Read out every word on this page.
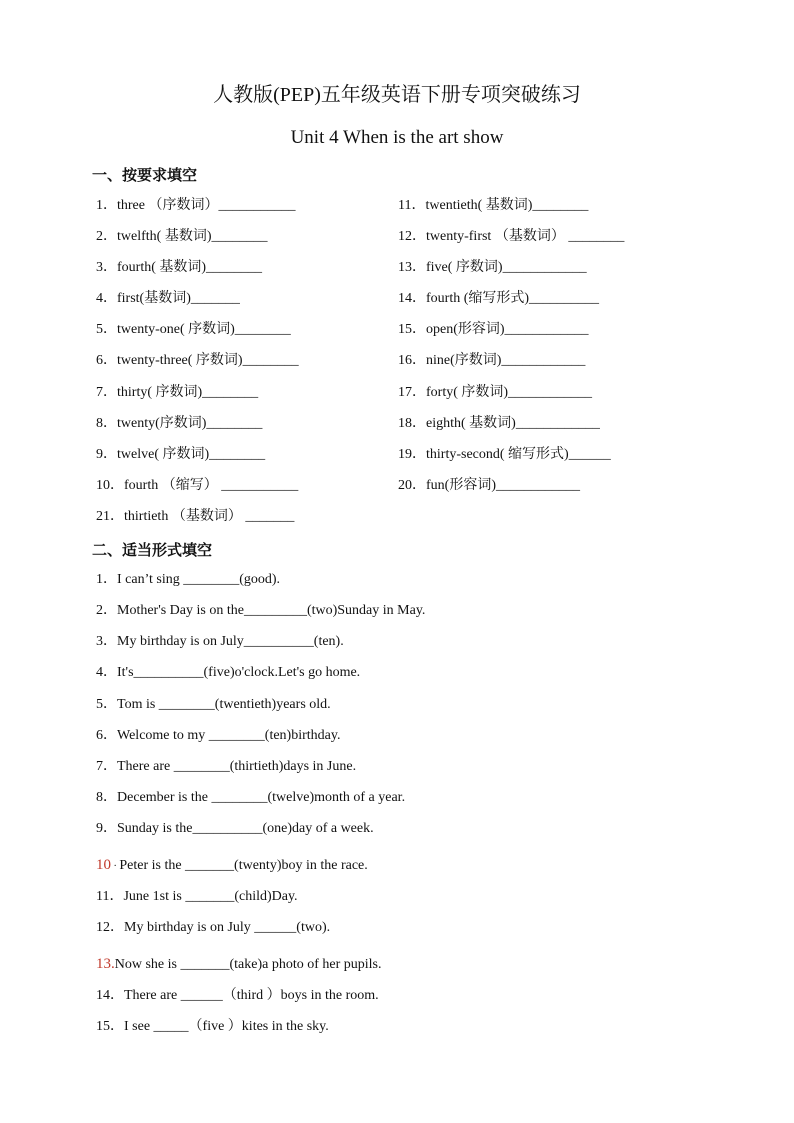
人教版(PEP)五年级英语下册专项突破练习
Unit 4 When is the art show
一、按要求填空
1．three （序数词）___________
2．twelfth( 基数词)________
3．fourth( 基数词)________
4．first(基数词)_______
5．twenty-one( 序数词)________
6．twenty-three( 序数词)________
7．thirty( 序数词)________
8．twenty(序数词)________
9．twelve( 序数词)________
10．fourth （缩写） ___________
21．thirtieth （基数词） _______
11．twentieth( 基数词)________
12．twenty-first （基数词） ________
13．five( 序数词)____________
14．fourth (缩写形式)__________
15．open(形容词)____________
16．nine(序数词)____________
17．forty( 序数词)____________
18．eighth( 基数词)____________
19．thirty-second( 缩写形式)______
20．fun(形容词)____________
二、适当形式填空
1．I can’t sing ________(good).
2．Mother's Day is on the_________(two)Sunday in May.
3．My birthday is on July__________(ten).
4．It's__________(five)o'clock.Let's go home.
5．Tom is ________(twentieth)years old.
6．Welcome to my ________(ten)birthday.
7．There are ________(thirtieth)days in June.
8．December is the ________(twelve)month of a year.
9．Sunday is the__________(one)day of a week.
10 · Peter is the _______(twenty)boy in the race.
11．June 1st is _______(child)Day.
12．My birthday is on July ______(two).
13.Now she is _______(take)a photo of her pupils.
14．There are ______（third ）boys in the room.
15．I see _____（five ）kites in the sky.
